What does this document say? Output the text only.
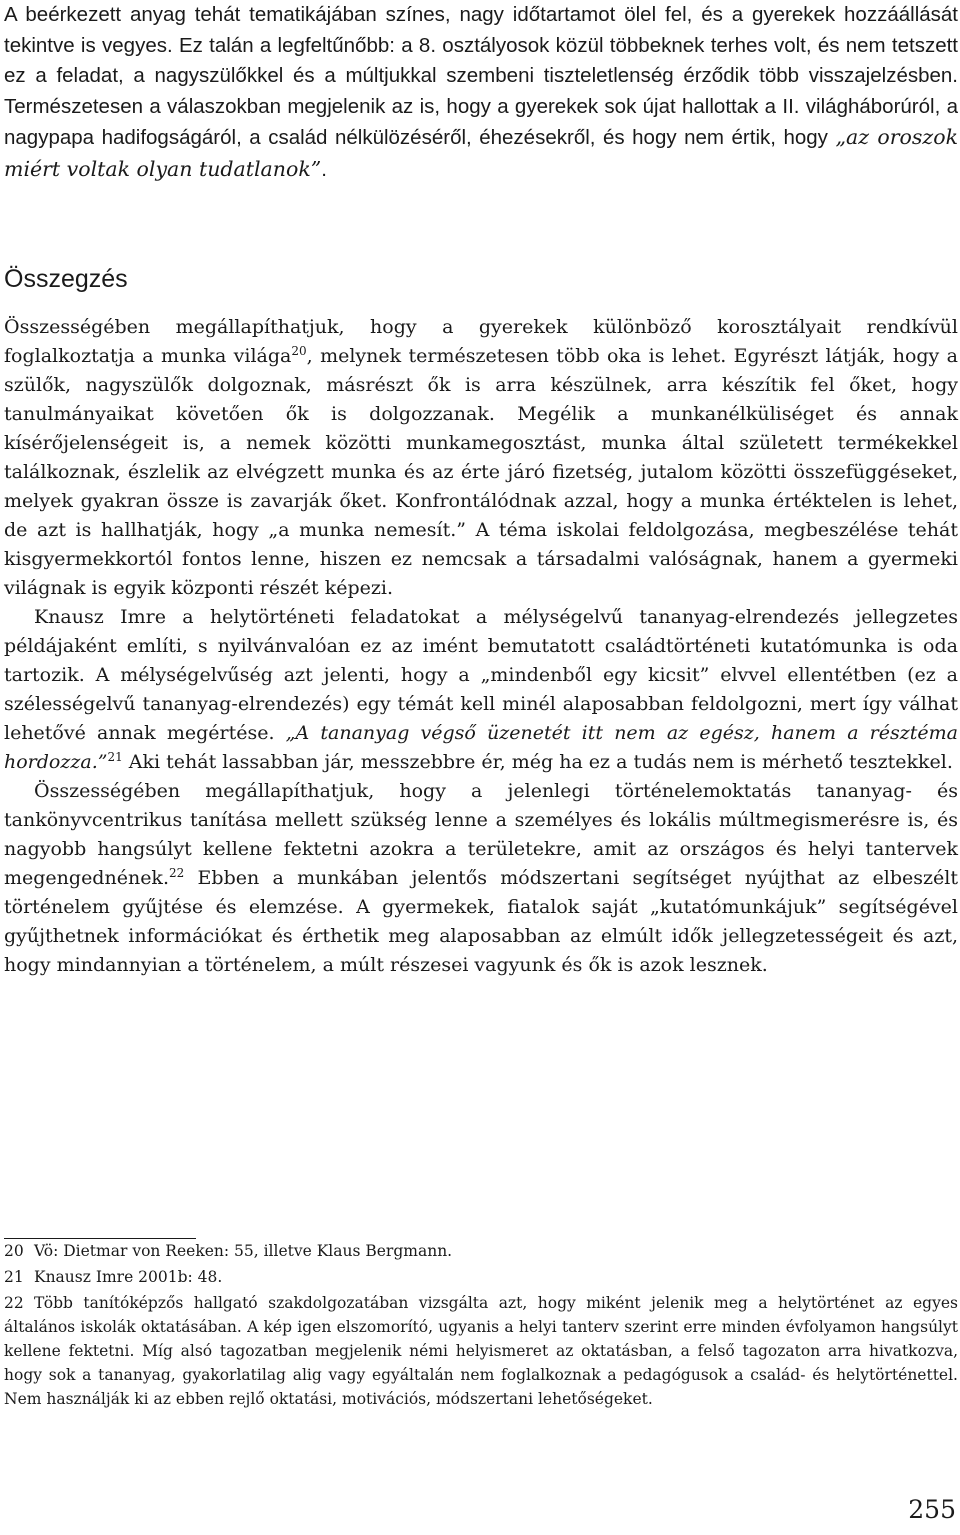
A beérkezett anyag tehát tematikájában színes, nagy időtartamot ölel fel, és a gyerekek hozzáállását tekintve is vegyes. Ez talán a legfeltűnőbb: a 8. osztályosok közül többeknek terhes volt, és nem tetszett ez a feladat, a nagyszülőkkel és a múltjukkal szembeni tiszteletlenség érződik több visszajelzésben. Természetesen a válaszokban megjelenik az is, hogy a gyerekek sok újat hallottak a II. világháborúról, a nagypapa hadifogságáról, a család nélkülözéséről, éhezésekről, és hogy nem értik, hogy „az oroszok miért voltak olyan tudatlanok”.

Összegzés

Összességében megállapíthatjuk, hogy a gyerekek különböző korosztályait rendkívül foglalkoztatja a munka világa$^{20}$, melynek természetesen több oka is lehet. Egyrészt látják, hogy a szülők, nagyszülők dolgoznak, másrészt ők is arra készülnek, arra készítik fel őket, hogy tanulmányaikat követően ők is dolgozzanak. Megélik a munkanélküliséget és annak kísérőjelenségeit is, a nemek közötti munkamegosztást, munka által született termékekkel találkoznak, észlelik az elvégzett munka és az érte járó fizetség, jutalom közötti összefüggéseket, melyek gyakran össze is zavarják őket. Konfrontálódnak azzal, hogy a munka értéktelen is lehet, de azt is hallhatják, hogy „a munka nemesít.” A téma iskolai feldolgozása, megbeszélése tehát kisgyermekkortól fontos lenne, hiszen ez nemcsak a társadalmi valóságnak, hanem a gyermeki világnak is egyik központi részét képezi.

Knausz Imre a helytörténeti feladatokat a mélységelvű tananyag-elrendezés jellegzetes példájaként említi, s nyilvánvalóan ez az imént bemutatott családtörténeti kutatómunka is oda tartozik. A mélységelvűség azt jelenti, hogy a „mindenből egy kicsit” elvvel ellentétben (ez a szélességelvű tananyag-elrendezés) egy témát kell minél alaposabban feldolgozni, mert így válhat lehetővé annak megértése. „A tananyag végső üzenetét itt nem az egész, hanem a résztéma hordozza.”$^{21}$ Aki tehát lassabban jár, messzebbre ér, még ha ez a tudás nem is mérhető tesztekkel.

Összességében megállapíthatjuk, hogy a jelenlegi történelemoktatás tananyag- és tankönyvcentrikus tanítása mellett szükség lenne a személyes és lokális múltmegismerésre is, és nagyobb hangsúlyt kellene fektetni azokra a területekre, amit az országos és helyi tantervek megengednének.$^{22}$ Ebben a munkában jelentős módszertani segítséget nyújthat az elbeszélt történelem gyűjtése és elemzése. A gyermekek, fiatalok saját „kutatómunkájuk” segítségével gyűjthetnek információkat és érthetik meg alaposabban az elmúlt idők jellegzetességeit és azt, hogy mindannyian a történelem, a múlt részesei vagyunk és ők is azok lesznek.

20 Vö: Dietmar von Reeken: 55, illetve Klaus Bergmann.

21 Knausz Imre 2001b: 48.

22 Több tanítóképzős hallgató szakdolgozatában vizsgálta azt, hogy miként jelenik meg a helytörténet az egyes általános iskolák oktatásában. A kép igen elszomorító, ugyanis a helyi tanterv szerint erre minden évfolyamon hangsúlyt kellene fektetni. Míg alsó tagozatban megjelenik némi helyismeret az oktatásban, a felső tagozaton arra hivatkozva, hogy sok a tananyag, gyakorlatilag alig vagy egyáltalán nem foglalkoznak a pedagógusok a család- és helytörténettel. Nem használják ki az ebben rejlő oktatási, motivációs, módszertani lehetőségeket.

255
